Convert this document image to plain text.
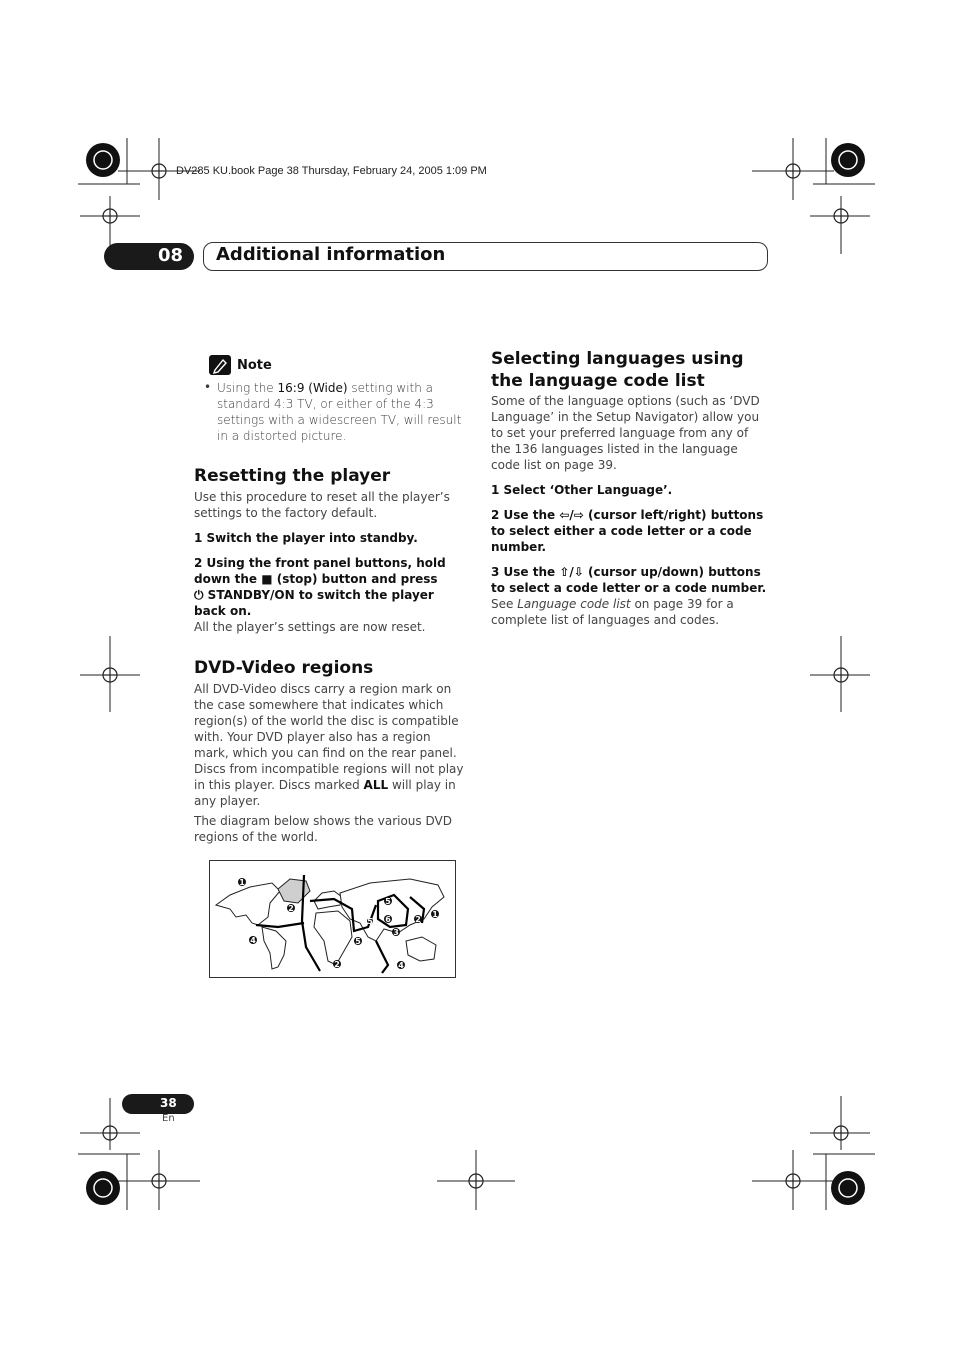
DV285 KU.book Page 38 Thursday, February 24, 2005 1:09 PM
08 Additional information
Note
• Using the 16:9 (Wide) setting with a standard 4:3 TV, or either of the 4:3 settings with a widescreen TV, will result in a distorted picture.
Resetting the player
Use this procedure to reset all the player’s settings to the factory default.
1 Switch the player into standby.
2 Using the front panel buttons, hold down the ■ (stop) button and press
⏻ STANDBY/ON to switch the player back on.
All the player’s settings are now reset.
DVD-Video regions
All DVD-Video discs carry a region mark on the case somewhere that indicates which region(s) of the world the disc is compatible with. Your DVD player also has a region mark, which you can find on the rear panel. Discs from incompatible regions will not play in this player. Discs marked ALL will play in any player.
The diagram below shows the various DVD regions of the world.
1
2
4
5
6
5
3
2
1
5
2	4
Selecting languages using the language code list
Some of the language options (such as ‘DVD Language’ in the Setup Navigator) allow you to set your preferred language from any of the 136 languages listed in the language code list on page 39.
1 Select ‘Other Language’.
2 Use the ⇦/⇨ (cursor left/right) buttons to select either a code letter or a code number.
3 Use the ⇧/⇩ (cursor up/down) buttons to select a code letter or a code number.
See Language code list on page 39 for a complete list of languages and codes.
38
En
